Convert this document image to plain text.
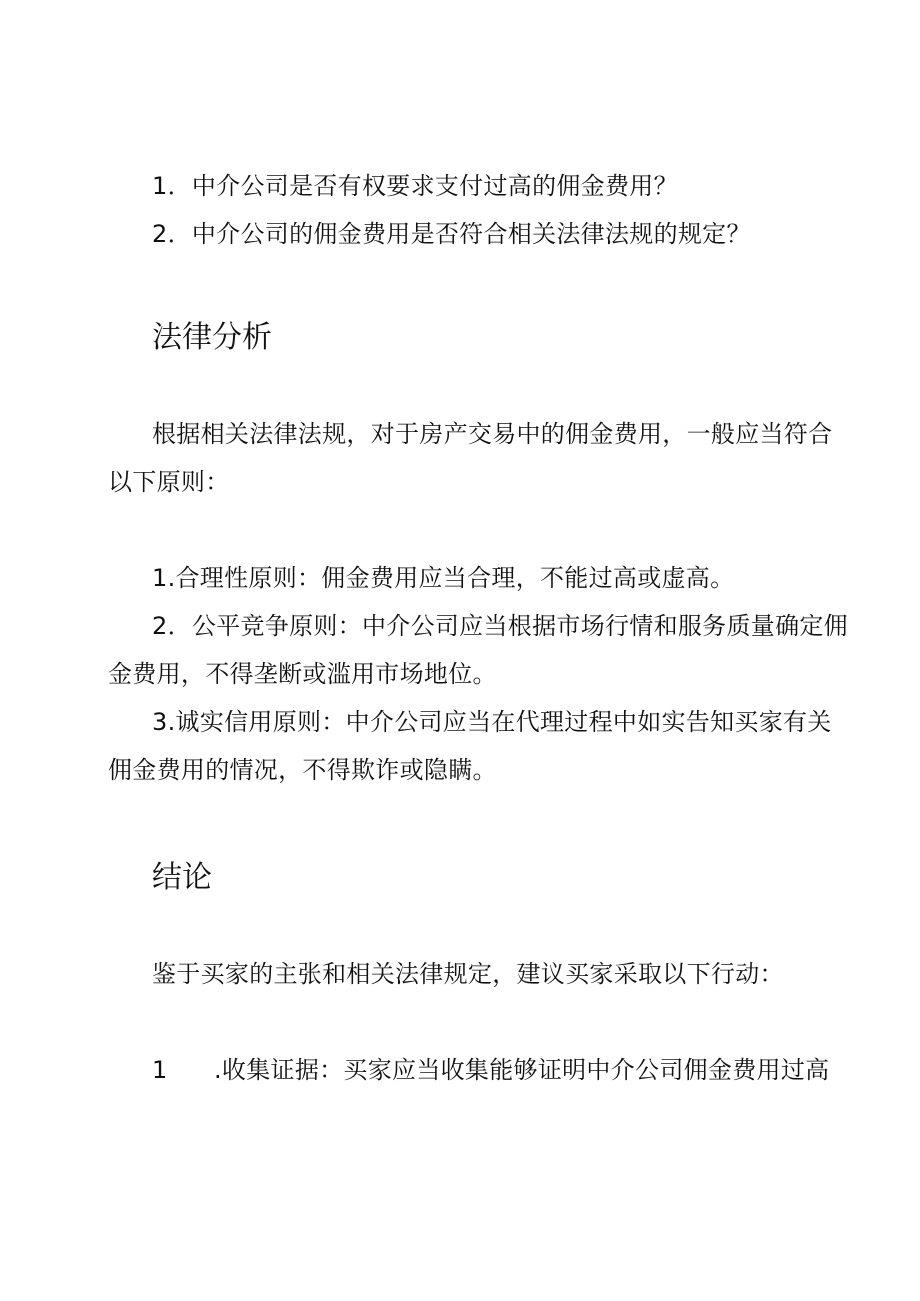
1．中介公司是否有权要求支付过高的佣金费用？
2．中介公司的佣金费用是否符合相关法律法规的规定？
法律分析
根据相关法律法规，对于房产交易中的佣金费用，一般应当符合
以下原则：
1.合理性原则：佣金费用应当合理，不能过高或虚高。
2．公平竞争原则：中介公司应当根据市场行情和服务质量确定佣
金费用，不得垄断或滥用市场地位。
3.诚实信用原则：中介公司应当在代理过程中如实告知买家有关
佣金费用的情况，不得欺诈或隐瞒。
结论
鉴于买家的主张和相关法律规定，建议买家采取以下行动：
1 .收集证据：买家应当收集能够证明中介公司佣金费用过高
